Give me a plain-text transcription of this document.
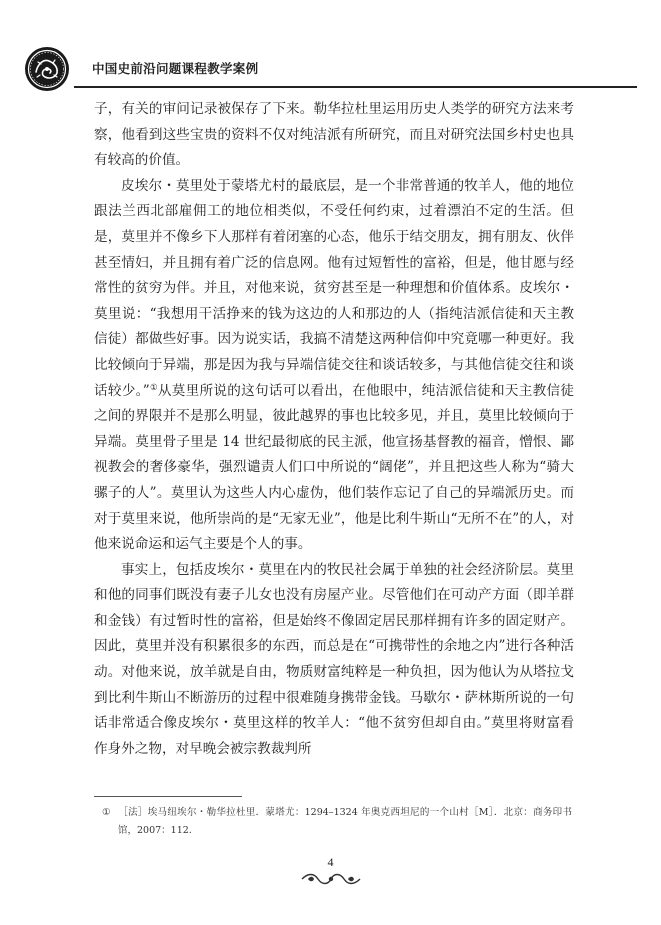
中国史前沿问题课程教学案例

子，有关的审问记录被保存了下来。勒华拉杜里运用历史人类学的研究方法来考察，他看到这些宝贵的资料不仅对纯洁派有所研究，而且对研究法国乡村史也具有较高的价值。

皮埃尔・莫里处于蒙塔尤村的最底层，是一个非常普通的牧羊人，他的地位跟法兰西北部雇佣工的地位相类似，不受任何约束，过着漂泊不定的生活。但是，莫里并不像乡下人那样有着闭塞的心态，他乐于结交朋友，拥有朋友、伙伴甚至情妇，并且拥有着广泛的信息网。他有过短暂性的富裕，但是，他甘愿与经常性的贫穷为伴。并且，对他来说，贫穷甚至是一种理想和价值体系。皮埃尔・莫里说：“我想用干活挣来的钱为这边的人和那边的人（指纯洁派信徒和天主教信徒）都做些好事。因为说实话，我搞不清楚这两种信仰中究竟哪一种更好。我比较倾向于异端，那是因为我与异端信徒交往和谈话较多，与其他信徒交往和谈话较少。”①从莫里所说的这句话可以看出，在他眼中，纯洁派信徒和天主教信徒之间的界限并不是那么明显，彼此越界的事也比较多见，并且，莫里比较倾向于异端。莫里骨子里是 14 世纪最彻底的民主派，他宣扬基督教的福音，憎恨、鄙视教会的奢侈豪华，强烈谴责人们口中所说的“阔佬”，并且把这些人称为“骑大骡子的人”。莫里认为这些人内心虚伪，他们装作忘记了自己的异端派历史。而对于莫里来说，他所崇尚的是“无家无业”，他是比利牛斯山“无所不在”的人，对他来说命运和运气主要是个人的事。

事实上，包括皮埃尔・莫里在内的牧民社会属于单独的社会经济阶层。莫里和他的同事们既没有妻子儿女也没有房屋产业。尽管他们在可动产方面（即羊群和金钱）有过暂时性的富裕，但是始终不像固定居民那样拥有许多的固定财产。因此，莫里并没有积累很多的东西，而总是在“可携带性的余地之内”进行各种活动。对他来说，放羊就是自由，物质财富纯粹是一种负担，因为他认为从塔拉戈到比利牛斯山不断游历的过程中很难随身携带金钱。马歇尔・萨林斯所说的一句话非常适合像皮埃尔・莫里这样的牧羊人：“他不贫穷但却自由。”莫里将财富看作身外之物，对早晚会被宗教裁判所

① ［法］埃马纽埃尔・勒华拉杜里．蒙塔尤：1294–1324 年奥克西坦尼的一个山村［M］．北京：商务印书馆，2007：112.
4
